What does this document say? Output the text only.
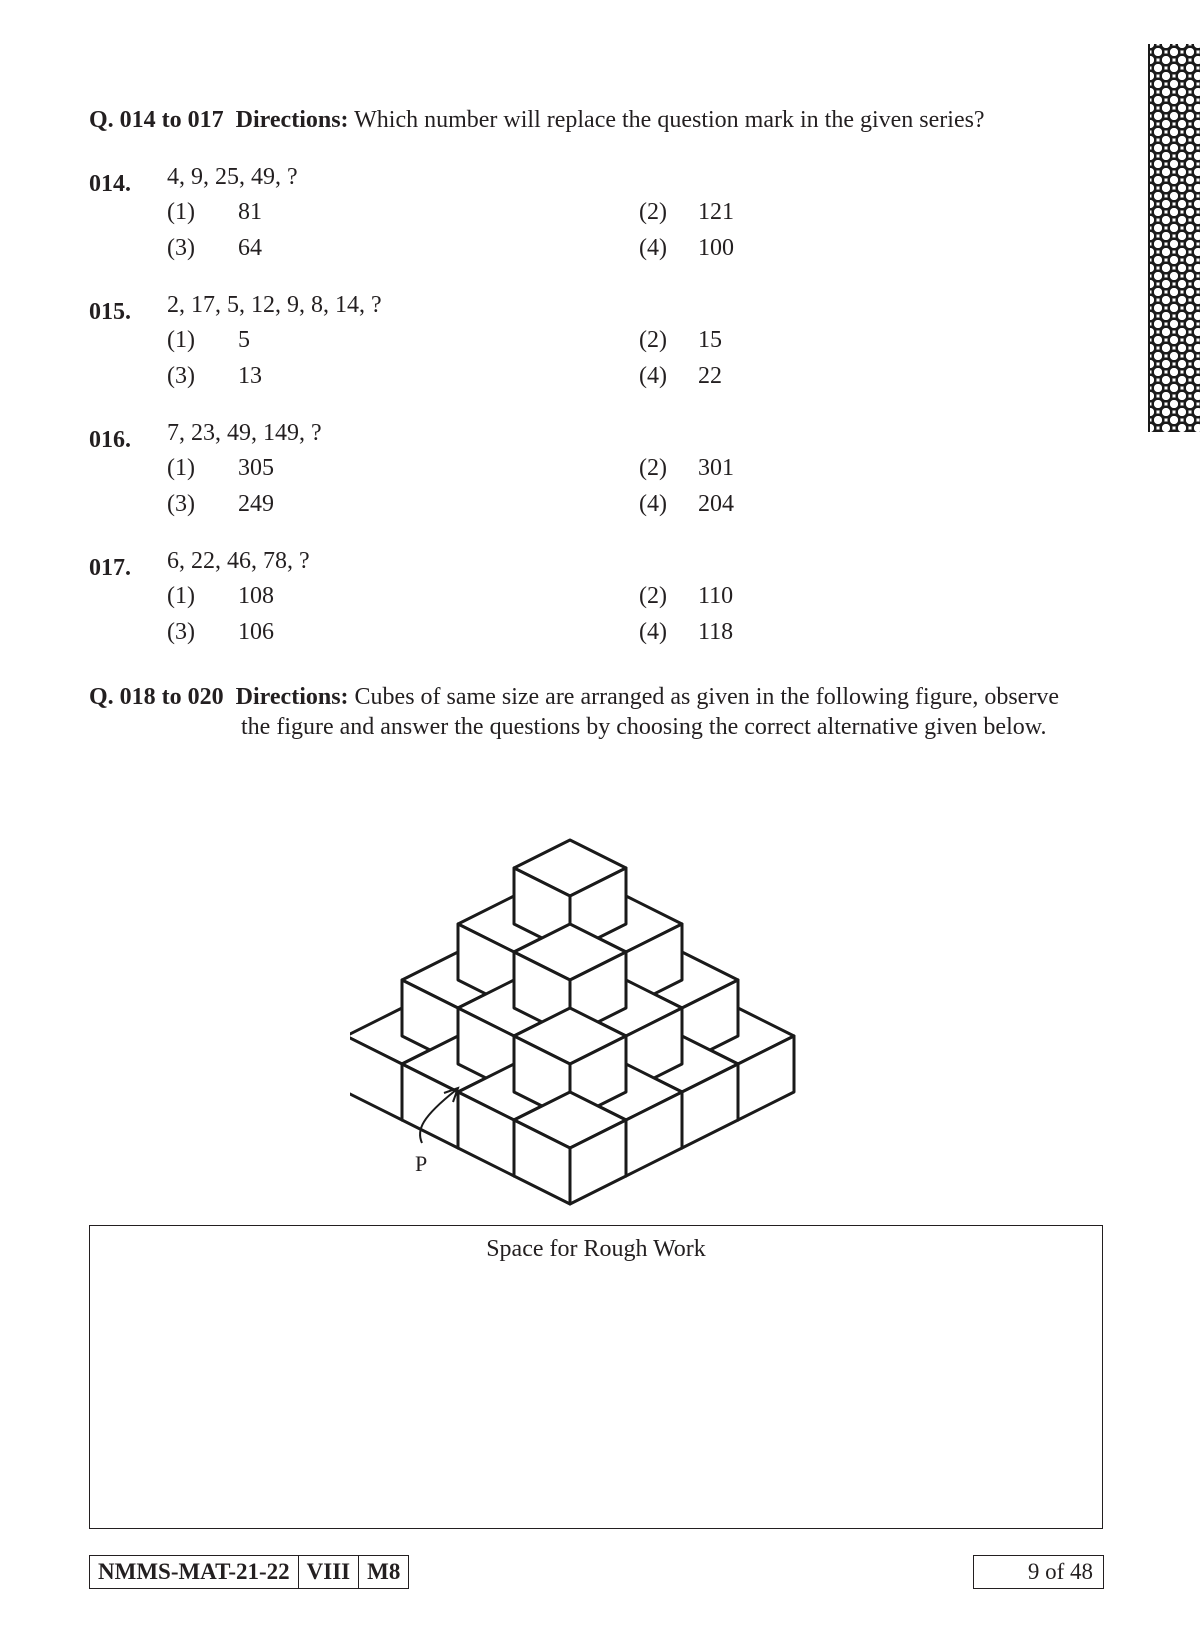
Q. 014 to 017 Directions: Which number will replace the question mark in the given series?
014. 4, 9, 25, 49, ?
(1) 81	(2) 121
(3) 64	(4) 100
015. 2, 17, 5, 12, 9, 8, 14, ?
(1) 5	(2) 15
(3) 13	(4) 22
016. 7, 23, 49, 149, ?
(1) 305	(2) 301
(3) 249	(4) 204
017. 6, 22, 46, 78, ?
(1) 108	(2) 110
(3) 106	(4) 118
Q. 018 to 020 Directions: Cubes of same size are arranged as given in the following figure, observe
the figure and answer the questions by choosing the correct alternative given below.
P
Space for Rough Work
NMMS-MAT-21-22 VIII M8	9 of 48
